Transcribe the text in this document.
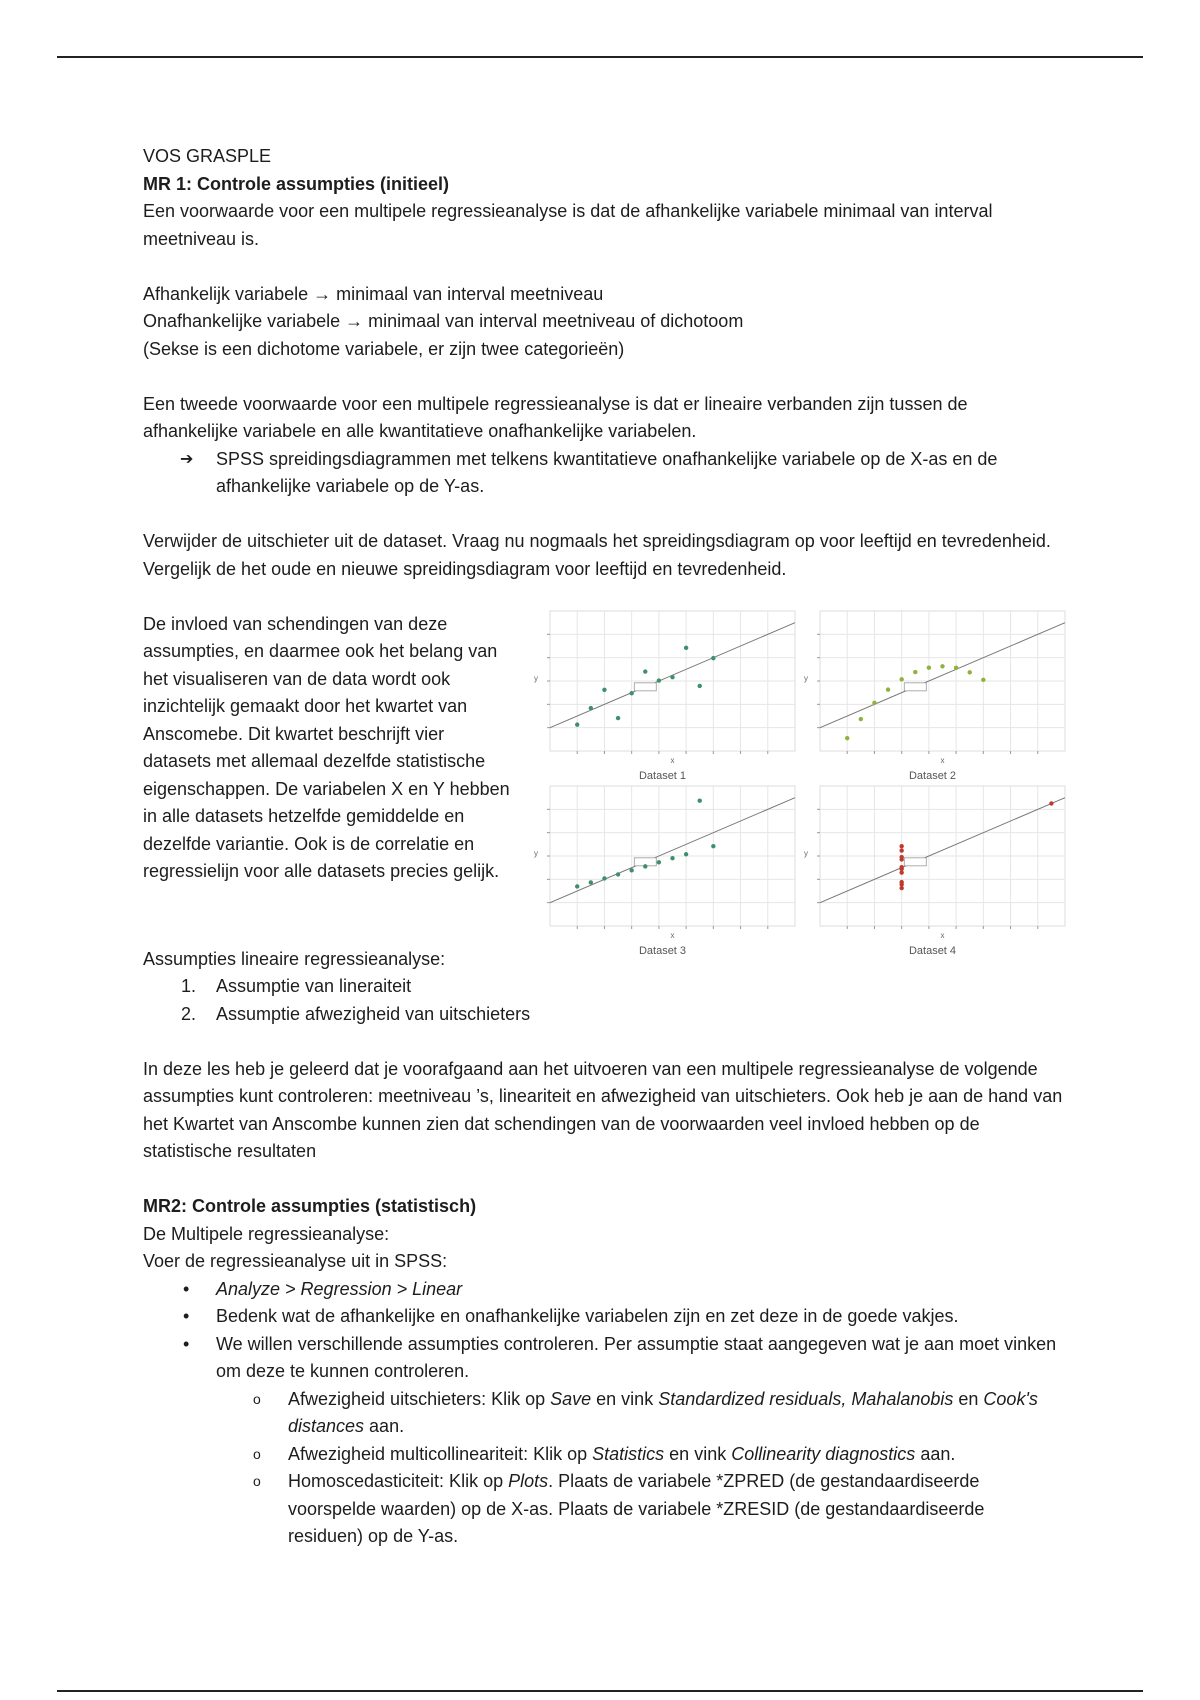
VOS GRASPLE

MR 1: Controle assumpties (initieel)

Een voorwaarde voor een multipele regressieanalyse is dat de afhankelijke variabele minimaal van interval meetniveau is.

Afhankelijk variabele → minimaal van interval meetniveau

Onafhankelijke variabele → minimaal van interval meetniveau of dichotoom

(Sekse is een dichotome variabele, er zijn twee categorieën)

Een tweede voorwaarde voor een multipele regressieanalyse is dat er lineaire verbanden zijn tussen de afhankelijke variabele en alle kwantitatieve onafhankelijke variabelen.

➔ SPSS spreidingsdiagrammen met telkens kwantitatieve onafhankelijke variabele op de X-as en de afhankelijke variabele op de Y-as.

Verwijder de uitschieter uit de dataset. Vraag nu nogmaals het spreidingsdiagram op voor leeftijd en tevredenheid. Vergelijk de het oude en nieuwe spreidingsdiagram voor leeftijd en tevredenheid.

De invloed van schendingen van deze assumpties, en daarmee ook het belang van het visualiseren van de data wordt ook inzichtelijk gemaakt door het kwartet van Anscomebe. Dit kwartet beschrijft vier datasets met allemaal dezelfde statistische eigenschappen. De variabelen X en Y hebben in alle datasets hetzelfde gemiddelde en dezelfde variantie. Ook is de correlatie en regressielijn voor alle datasets precies gelijk.

y
x
Dataset 1
y
x
Dataset 2
y
x
Dataset 3
y
x
Dataset 4

Assumpties lineaire regressieanalyse:

1. Assumptie van lineraiteit
2. Assumptie afwezigheid van uitschieters

In deze les heb je geleerd dat je voorafgaand aan het uitvoeren van een multipele regressieanalyse de volgende assumpties kunt controleren: meetniveau ’s, lineariteit en afwezigheid van uitschieters. Ook heb je aan de hand van het Kwartet van Anscombe kunnen zien dat schendingen van de voorwaarden veel invloed hebben op de statistische resultaten

MR2: Controle assumpties (statistisch)

De Multipele regressieanalyse:

Voer de regressieanalyse uit in SPSS:

• Analyze > Regression > Linear
• Bedenk wat de afhankelijke en onafhankelijke variabelen zijn en zet deze in de goede vakjes.
• We willen verschillende assumpties controleren. Per assumptie staat aangegeven wat je aan moet vinken om deze te kunnen controleren.
o Afwezigheid uitschieters: Klik op Save en vink Standardized residuals, Mahalanobis en Cook's distances aan.
o Afwezigheid multicollineariteit: Klik op Statistics en vink Collinearity diagnostics aan.
o Homoscedasticiteit: Klik op Plots. Plaats de variabele *ZPRED (de gestandaardiseerde voorspelde waarden) op de X-as. Plaats de variabele *ZRESID (de gestandaardiseerde residuen) op de Y-as.
